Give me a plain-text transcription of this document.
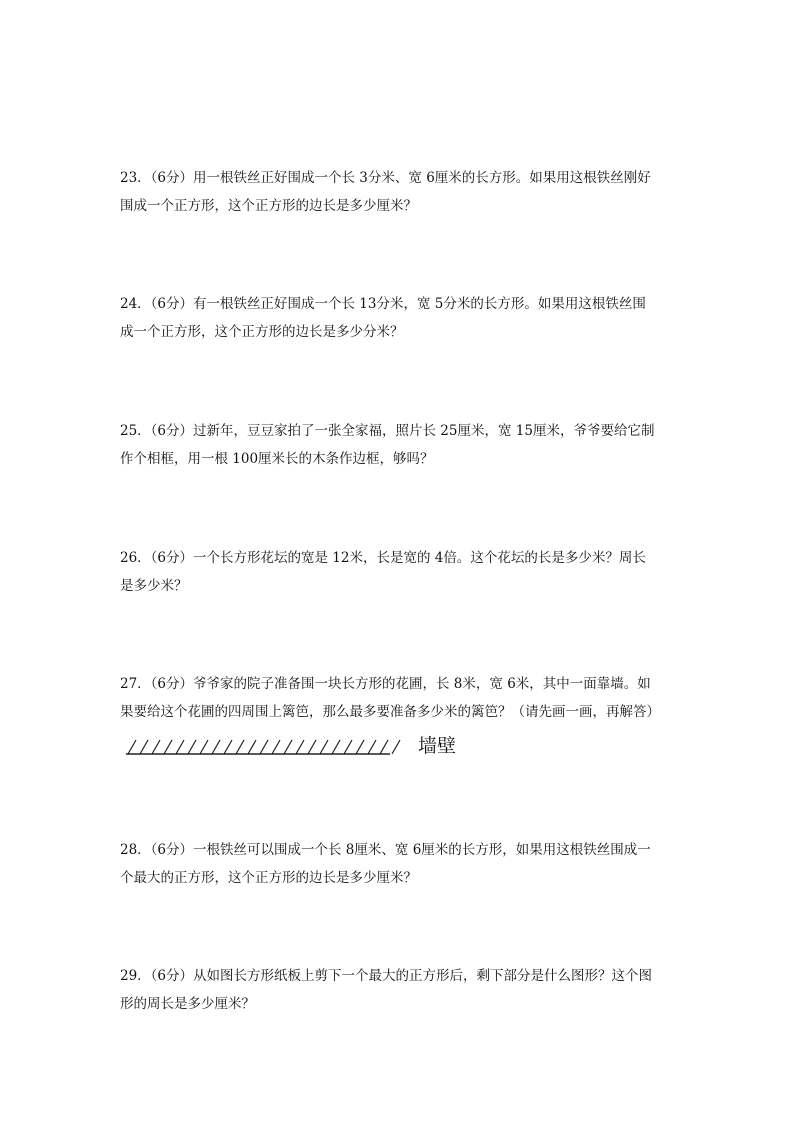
23．（6分）用一根铁丝正好围成一个长 3分米、宽 6厘米的长方形。如果用这根铁丝刚好

围成一个正方形，这个正方形的边长是多少厘米？

24．（6分）有一根铁丝正好围成一个长 13分米，宽 5分米的长方形。如果用这根铁丝围

成一个正方形，这个正方形的边长是多少分米？

25．（6分）过新年，豆豆家拍了一张全家福，照片长 25厘米，宽 15厘米，爷爷要给它制

作个相框，用一根 100厘米长的木条作边框，够吗？

26．（6分）一个长方形花坛的宽是 12米，长是宽的 4倍。这个花坛的长是多少米？周长

是多少米？

27．（6分）爷爷家的院子准备围一块长方形的花圃，长 8米，宽 6米，其中一面靠墙。如

果要给这个花圃的四周围上篱笆，那么最多要准备多少米的篱笆？（请先画一画，再解答）

墙壁

28．（6分）一根铁丝可以围成一个长 8厘米、宽 6厘米的长方形，如果用这根铁丝围成一

个最大的正方形，这个正方形的边长是多少厘米？

29．（6分）从如图长方形纸板上剪下一个最大的正方形后，剩下部分是什么图形？这个图

形的周长是多少厘米？
